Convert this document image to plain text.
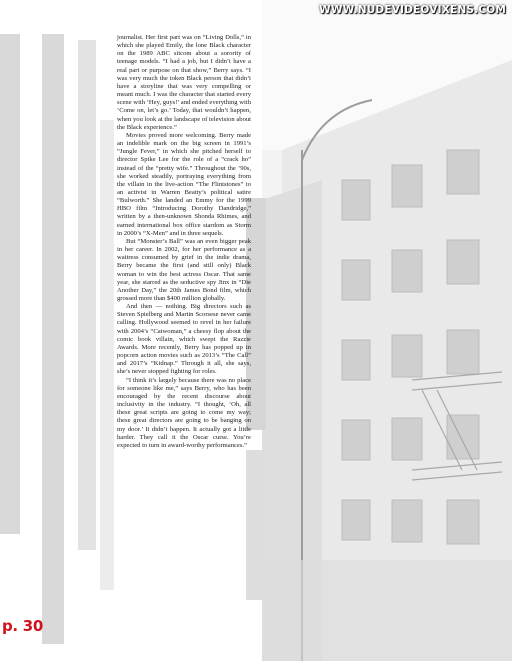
WWW.NUDEVIDEOVIXENS.COM

journalist. Her first part was on “Living Dolls,” in which she played Emily, the lone Black character on the 1989 ABC sitcom about a sorority of teenage models. “I had a job, but I didn’t have a real part or purpose on that show,” Berry says. “I was very much the token Black person that didn’t have a storyline that was very compelling or meant much. I was the character that started every scene with ‘Hey, guys!’ and ended everything with ‘Come on, let’s go.’ Today, that wouldn’t happen, when you look at the landscape of television about the Black experience.”

Movies proved more welcoming. Berry made an indelible mark on the big screen in 1991’s “Jungle Fever,” in which she pitched herself to director Spike Lee for the role of a “crack ho” instead of the “pretty wife.” Throughout the ’90s, she worked steadily, portraying everything from the villain in the live-action “The Flintstones” to an activist in Warren Beatty’s political satire “Bulworth.” She landed an Emmy for the 1999 HBO film “Introducing Dorothy Dandridge,” written by a then-unknown Shonda Rhimes, and earned international box office stardom as Storm in 2000’s “X-Men” and in three sequels.

But “Monster’s Ball” was an even bigger peak in her career. In 2002, for her performance as a waitress consumed by grief in the indie drama, Berry became the first (and still only) Black woman to win the best actress Oscar. That same year, she starred as the seductive spy Jinx in “Die Another Day,” the 20th James Bond film, which grossed more than $400 million globally.

And then — nothing. Big directors such as Steven Spielberg and Martin Scorsese never came calling. Hollywood seemed to revel in her failure with 2004’s “Catwoman,” a cheesy flop about the comic book villain, which swept the Razzie Awards. More recently, Berry has popped up in popcorn action movies such as 2013’s “The Call” and 2017’s “Kidnap.” Through it all, she says, she’s never stopped fighting for roles.

“I think it’s largely because there was no place for someone like me,” says Berry, who has been encouraged by the recent discourse about inclusivity in the industry. “I thought, ‘Oh, all these great scripts are going to come my way; these great directors are going to be banging on my door.’ It didn’t happen. It actually got a little harder. They call it the Oscar curse. You’re expected to turn in award-worthy performances.”

p. 30
